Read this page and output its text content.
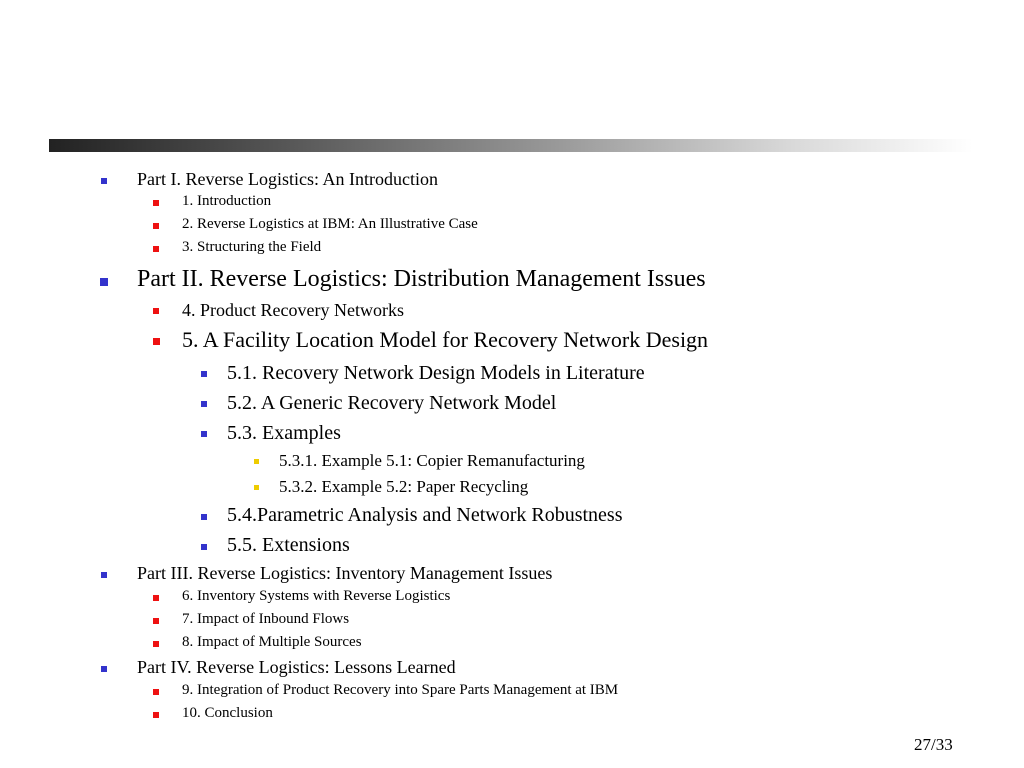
Part I. Reverse Logistics: An Introduction
1. Introduction
2. Reverse Logistics at IBM: An Illustrative Case
3. Structuring the Field
Part II. Reverse Logistics: Distribution Management Issues
4. Product Recovery Networks
5. A Facility Location Model for Recovery Network Design
5.1. Recovery Network Design Models in Literature
5.2. A Generic Recovery Network Model
5.3. Examples
5.3.1. Example 5.1: Copier Remanufacturing
5.3.2. Example 5.2: Paper Recycling
5.4.Parametric Analysis and Network Robustness
5.5. Extensions
Part III. Reverse Logistics: Inventory Management Issues
6. Inventory Systems with Reverse Logistics
7. Impact of Inbound Flows
8. Impact of Multiple Sources
Part IV. Reverse Logistics: Lessons Learned
9. Integration of Product Recovery into Spare Parts Management at IBM
10. Conclusion
27/33
